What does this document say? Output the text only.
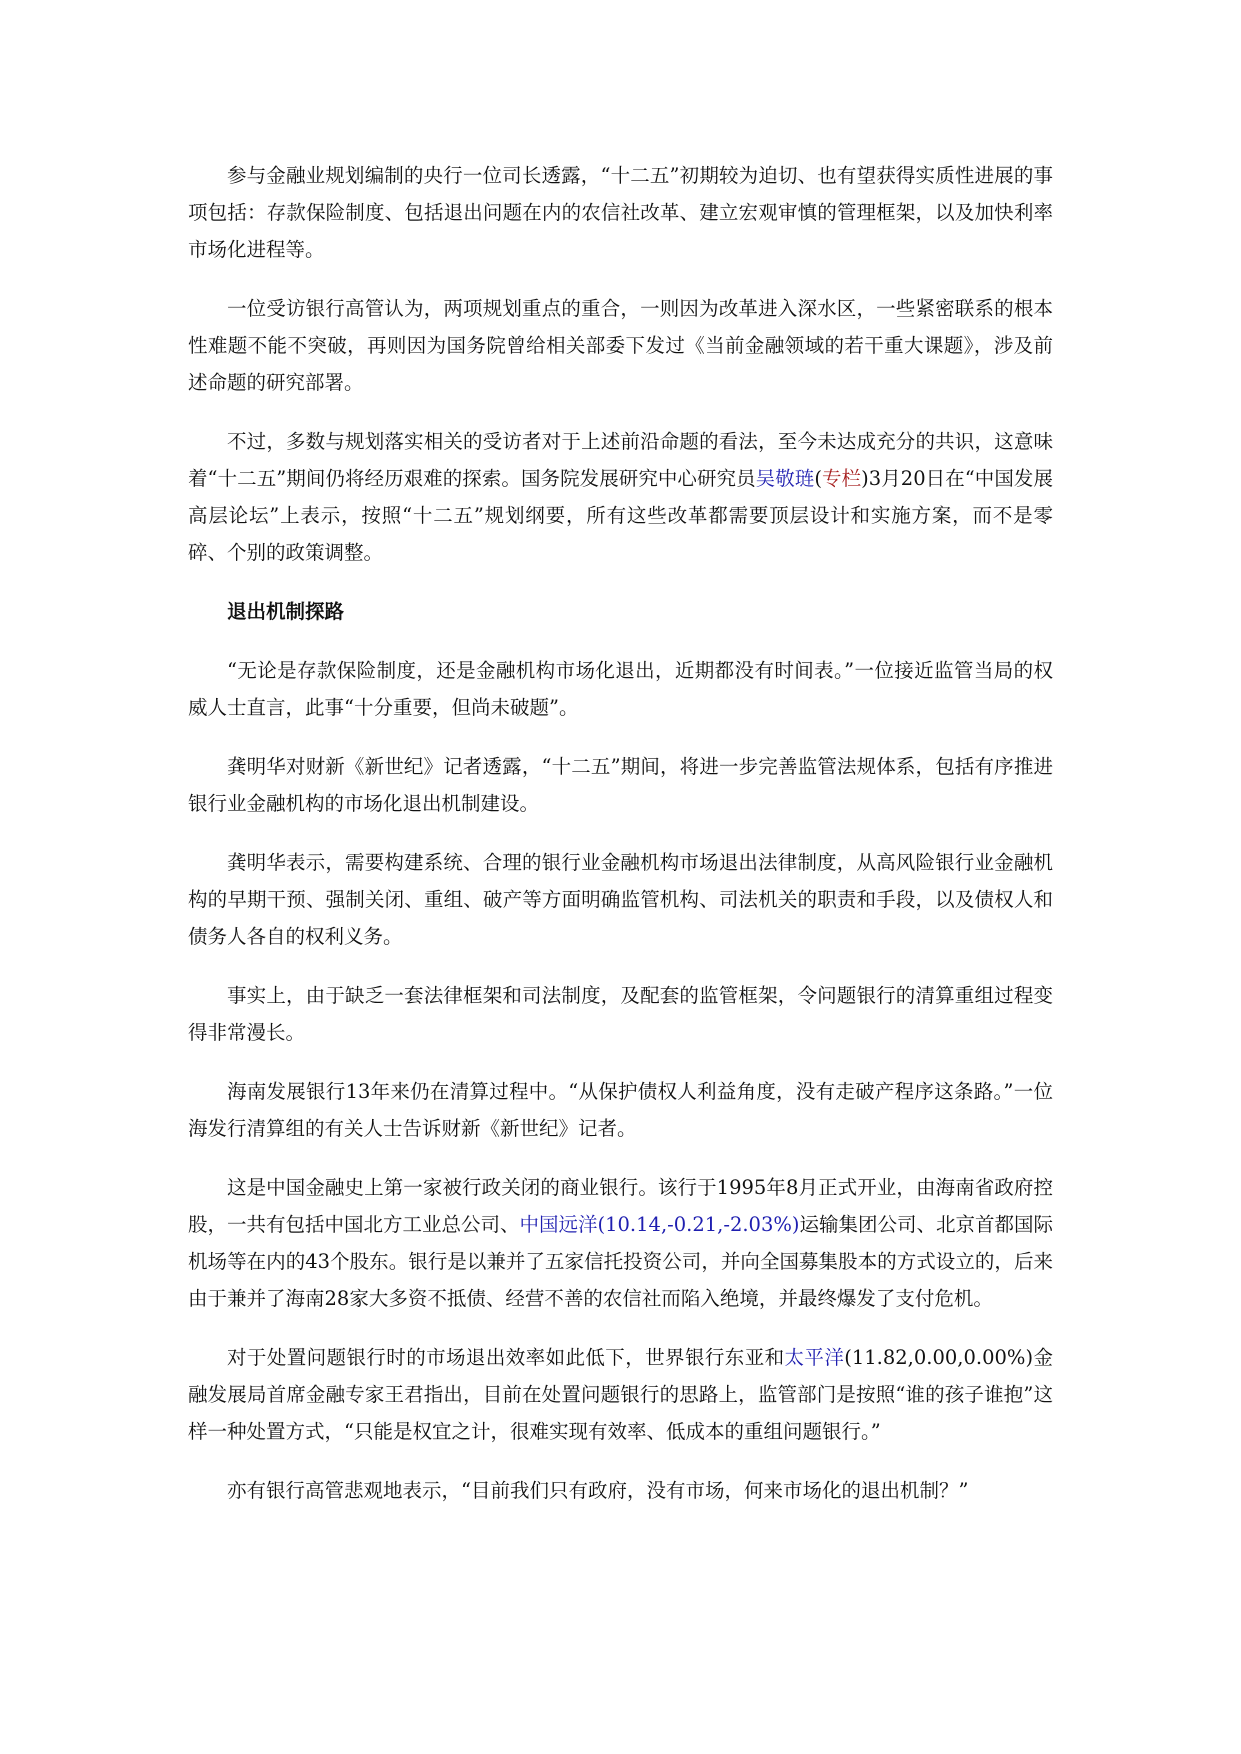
参与金融业规划编制的央行一位司长透露，“十二五”初期较为迫切、也有望获得实质性进展的事项包括：存款保险制度、包括退出问题在内的农信社改革、建立宏观审慎的管理框架，以及加快利率市场化进程等。

一位受访银行高管认为，两项规划重点的重合，一则因为改革进入深水区，一些紧密联系的根本性难题不能不突破，再则因为国务院曾给相关部委下发过《当前金融领域的若干重大课题》，涉及前述命题的研究部署。

不过，多数与规划落实相关的受访者对于上述前沿命题的看法，至今未达成充分的共识，这意味着“十二五”期间仍将经历艰难的探索。国务院发展研究中心研究员吴敬琏(专栏)3月20日在“中国发展高层论坛”上表示，按照“十二五”规划纲要，所有这些改革都需要顶层设计和实施方案，而不是零碎、个别的政策调整。

退出机制探路

“无论是存款保险制度，还是金融机构市场化退出，近期都没有时间表。”一位接近监管当局的权威人士直言，此事“十分重要，但尚未破题”。

龚明华对财新《新世纪》记者透露，“十二五”期间，将进一步完善监管法规体系，包括有序推进银行业金融机构的市场化退出机制建设。

龚明华表示，需要构建系统、合理的银行业金融机构市场退出法律制度，从高风险银行业金融机构的早期干预、强制关闭、重组、破产等方面明确监管机构、司法机关的职责和手段，以及债权人和债务人各自的权利义务。

事实上，由于缺乏一套法律框架和司法制度，及配套的监管框架，令问题银行的清算重组过程变得非常漫长。

海南发展银行13年来仍在清算过程中。“从保护债权人利益角度，没有走破产程序这条路。”一位海发行清算组的有关人士告诉财新《新世纪》记者。

这是中国金融史上第一家被行政关闭的商业银行。该行于1995年8月正式开业，由海南省政府控股，一共有包括中国北方工业总公司、中国远洋(10.14,-0.21,-2.03%)运输集团公司、北京首都国际机场等在内的43个股东。银行是以兼并了五家信托投资公司，并向全国募集股本的方式设立的，后来由于兼并了海南28家大多资不抵债、经营不善的农信社而陷入绝境，并最终爆发了支付危机。

对于处置问题银行时的市场退出效率如此低下，世界银行东亚和太平洋(11.82,0.00,0.00%)金融发展局首席金融专家王君指出，目前在处置问题银行的思路上，监管部门是按照“谁的孩子谁抱”这样一种处置方式，“只能是权宜之计，很难实现有效率、低成本的重组问题银行。”

亦有银行高管悲观地表示，“目前我们只有政府，没有市场，何来市场化的退出机制？”
